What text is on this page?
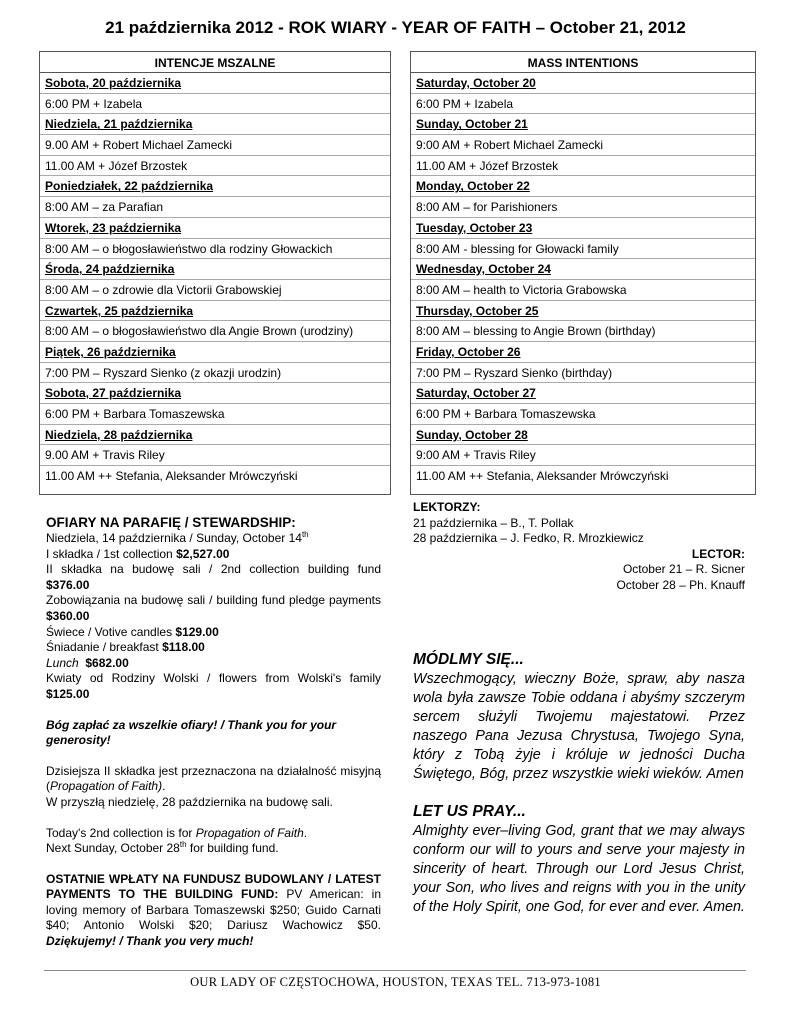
21 października 2012 - ROK WIARY - YEAR OF FAITH – October 21, 2012
INTENCJE MSZALNE
Sobota, 20 października
6:00 PM + Izabela
Niedziela, 21 października
9.00 AM + Robert Michael Zamecki
11.00 AM + Józef Brzostek
Poniedziałek, 22 października
8:00 AM – za Parafian
Wtorek, 23 października
8:00 AM – o błogosławieństwo dla rodziny Głowackich
Środa, 24 października
8:00 AM – o zdrowie dla Victorii Grabowskiej
Czwartek, 25 października
8:00 AM – o błogosławieństwo dla Angie Brown (urodziny)
Piątek, 26 października
7:00 PM – Ryszard Sienko (z okazji urodzin)
Sobota, 27 października
6:00 PM + Barbara Tomaszewska
Niedziela, 28 października
9.00 AM + Travis Riley
11.00 AM ++ Stefania, Aleksander Mrówczyński
MASS INTENTIONS
Saturday, October 20
6:00 PM + Izabela
Sunday, October 21
9:00 AM + Robert Michael Zamecki
11.00 AM + Józef Brzostek
Monday, October 22
8:00 AM – for Parishioners
Tuesday, October 23
8:00 AM - blessing for Głowacki family
Wednesday, October 24
8:00 AM – health to Victoria Grabowska
Thursday, October 25
8:00 AM – blessing to Angie Brown (birthday)
Friday, October 26
7:00 PM – Ryszard Sienko (birthday)
Saturday, October 27
6:00 PM + Barbara Tomaszewska
Sunday, October 28
9:00 AM + Travis Riley
11.00 AM ++ Stefania, Aleksander Mrówczyński

OFIARY NA PARAFIĘ / STEWARDSHIP:

Niedziela, 14 października / Sunday, October 14th

I składka / 1st collection $2,527.00

II składka na budowę sali / 2nd collection building fund $376.00

Zobowiązania na budowę sali / building fund pledge payments $360.00

Świece / Votive candles $129.00

Śniadanie / breakfast $118.00

Lunch $682.00

Kwiaty od Rodziny Wolski / flowers from Wolski's family $125.00

Bóg zapłać za wszelkie ofiary! / Thank you for your generosity!

Dzisiejsza II składka jest przeznaczona na działalność misyjną (Propagation of Faith).

W przyszłą niedzielę, 28 października na budowę sali.

Today's 2nd collection is for Propagation of Faith.

Next Sunday, October 28th for building fund.

OSTATNIE WPŁATY NA FUNDUSZ BUDOWLANY / LATEST PAYMENTS TO THE BUILDING FUND: PV American: in loving memory of Barbara Tomaszewski $250; Guido Carnati $40; Antonio Wolski $20; Dariusz Wachowicz $50. Dziękujemy! / Thank you very much!

LEKTORZY:

21 października – B., T. Pollak

28 października – J. Fedko, R. Mrozkiewicz

LECTOR:

October 21 – R. Sicner

October 28 – Ph. Knauff

MÓDLMY SIĘ...

Wszechmogący, wieczny Boże, spraw, aby nasza wola była zawsze Tobie oddana i abyśmy szczerym sercem służyli Twojemu majestatowi. Przez naszego Pana Jezusa Chrystusa, Twojego Syna, który z Tobą żyje i króluje w jedności Ducha Świętego, Bóg, przez wszystkie wieki wieków. Amen

LET US PRAY...

Almighty ever–living God, grant that we may always conform our will to yours and serve your majesty in sincerity of heart. Through our Lord Jesus Christ, your Son, who lives and reigns with you in the unity of the Holy Spirit, one God, for ever and ever. Amen.

OUR LADY OF CZĘSTOCHOWA, HOUSTON, TEXAS TEL. 713-973-1081
